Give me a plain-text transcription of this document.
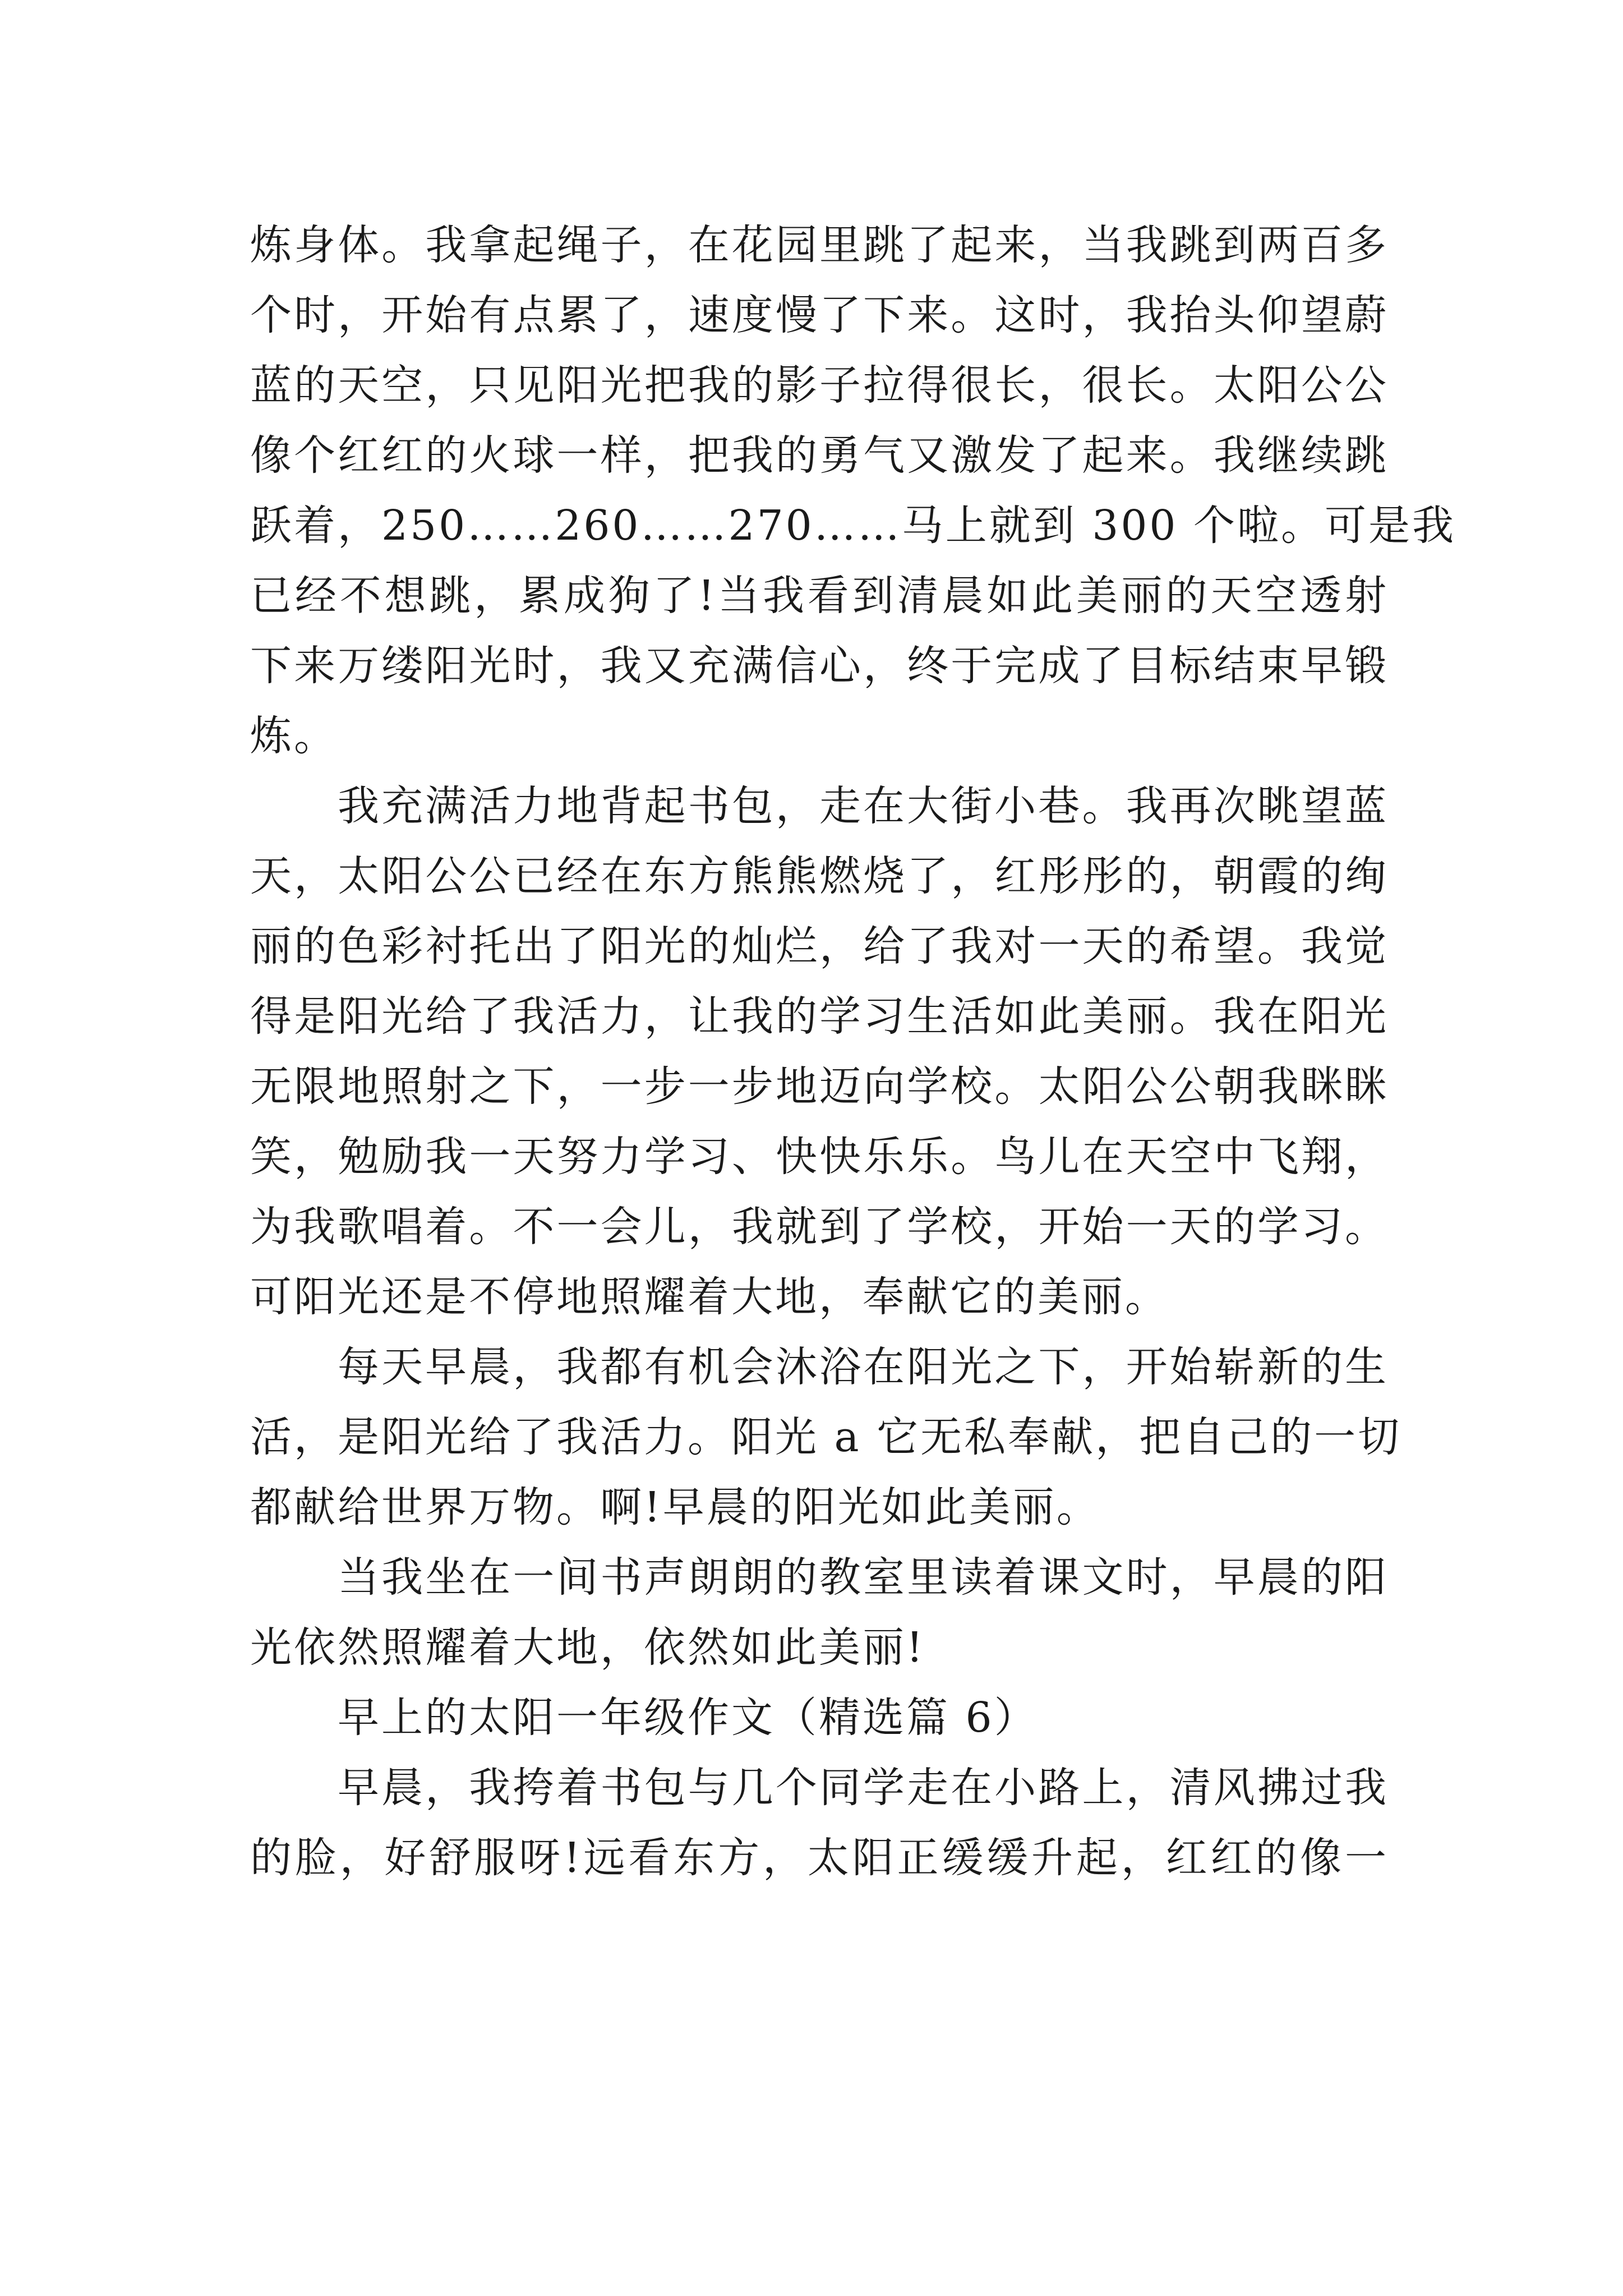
炼身体。我拿起绳子，在花园里跳了起来，当我跳到两百多
个时，开始有点累了，速度慢了下来。这时，我抬头仰望蔚
蓝的天空，只见阳光把我的影子拉得很长，很长。太阳公公
像个红红的火球一样，把我的勇气又激发了起来。我继续跳
跃着，250……260……270……马上就到 300 个啦。可是我
已经不想跳，累成狗了!当我看到清晨如此美丽的天空透射
下来万缕阳光时，我又充满信心，终于完成了目标结束早锻
炼。
我充满活力地背起书包，走在大街小巷。我再次眺望蓝
天，太阳公公已经在东方熊熊燃烧了，红彤彤的，朝霞的绚
丽的色彩衬托出了阳光的灿烂，给了我对一天的希望。我觉
得是阳光给了我活力，让我的学习生活如此美丽。我在阳光
无限地照射之下，一步一步地迈向学校。太阳公公朝我眯眯
笑，勉励我一天努力学习、快快乐乐。鸟儿在天空中飞翔，
为我歌唱着。不一会儿，我就到了学校，开始一天的学习。
可阳光还是不停地照耀着大地，奉献它的美丽。
每天早晨，我都有机会沐浴在阳光之下，开始崭新的生
活，是阳光给了我活力。阳光 a 它无私奉献，把自己的一切
都献给世界万物。啊!早晨的阳光如此美丽。
当我坐在一间书声朗朗的教室里读着课文时，早晨的阳
光依然照耀着大地，依然如此美丽!
早上的太阳一年级作文（精选篇 6）
早晨，我挎着书包与几个同学走在小路上，清风拂过我
的脸，好舒服呀!远看东方，太阳正缓缓升起，红红的像一
